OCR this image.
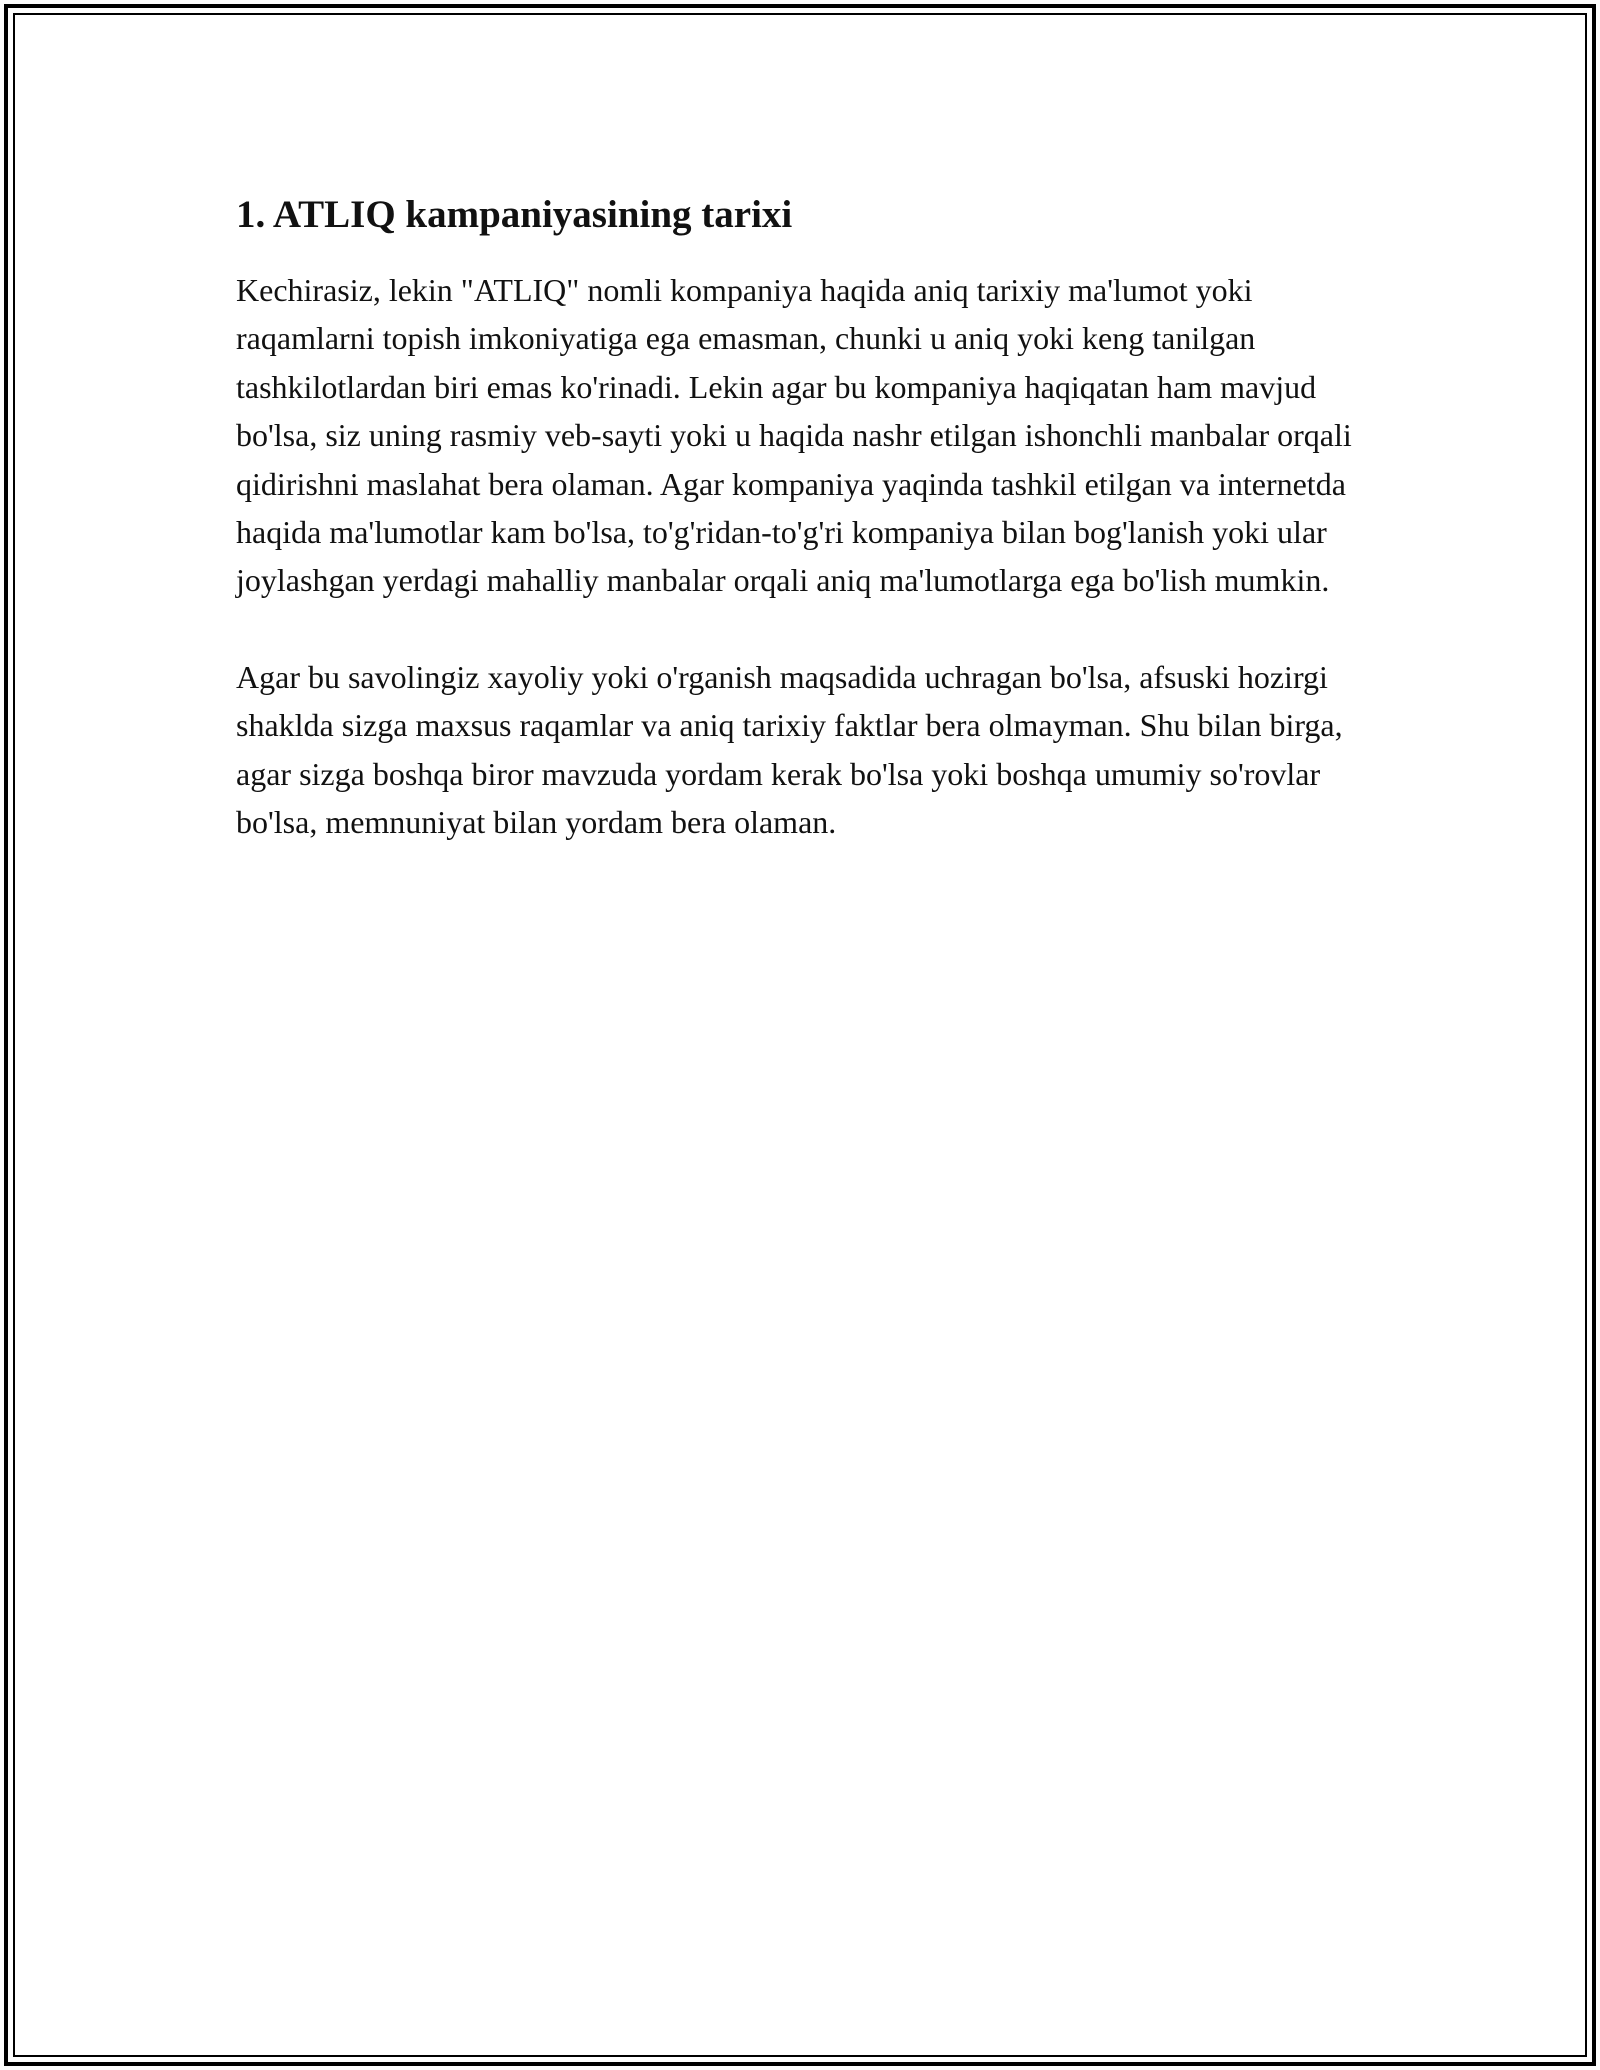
1. ATLIQ kampaniyasining tarixi

Kechirasiz, lekin "ATLIQ" nomli kompaniya haqida aniq tarixiy ma'lumot yoki raqamlarni topish imkoniyatiga ega emasman, chunki u aniq yoki keng tanilgan tashkilotlardan biri emas ko'rinadi. Lekin agar bu kompaniya haqiqatan ham mavjud bo'lsa, siz uning rasmiy veb-sayti yoki u haqida nashr etilgan ishonchli manbalar orqali qidirishni maslahat bera olaman. Agar kompaniya yaqinda tashkil etilgan va internetda haqida ma'lumotlar kam bo'lsa, to'g'ridan-to'g'ri kompaniya bilan bog'lanish yoki ular joylashgan yerdagi mahalliy manbalar orqali aniq ma'lumotlarga ega bo'lish mumkin.

Agar bu savolingiz xayoliy yoki o'rganish maqsadida uchragan bo'lsa, afsuski hozirgi shaklda sizga maxsus raqamlar va aniq tarixiy faktlar bera olmayman. Shu bilan birga, agar sizga boshqa biror mavzuda yordam kerak bo'lsa yoki boshqa umumiy so'rovlar bo'lsa, memnuniyat bilan yordam bera olaman.
